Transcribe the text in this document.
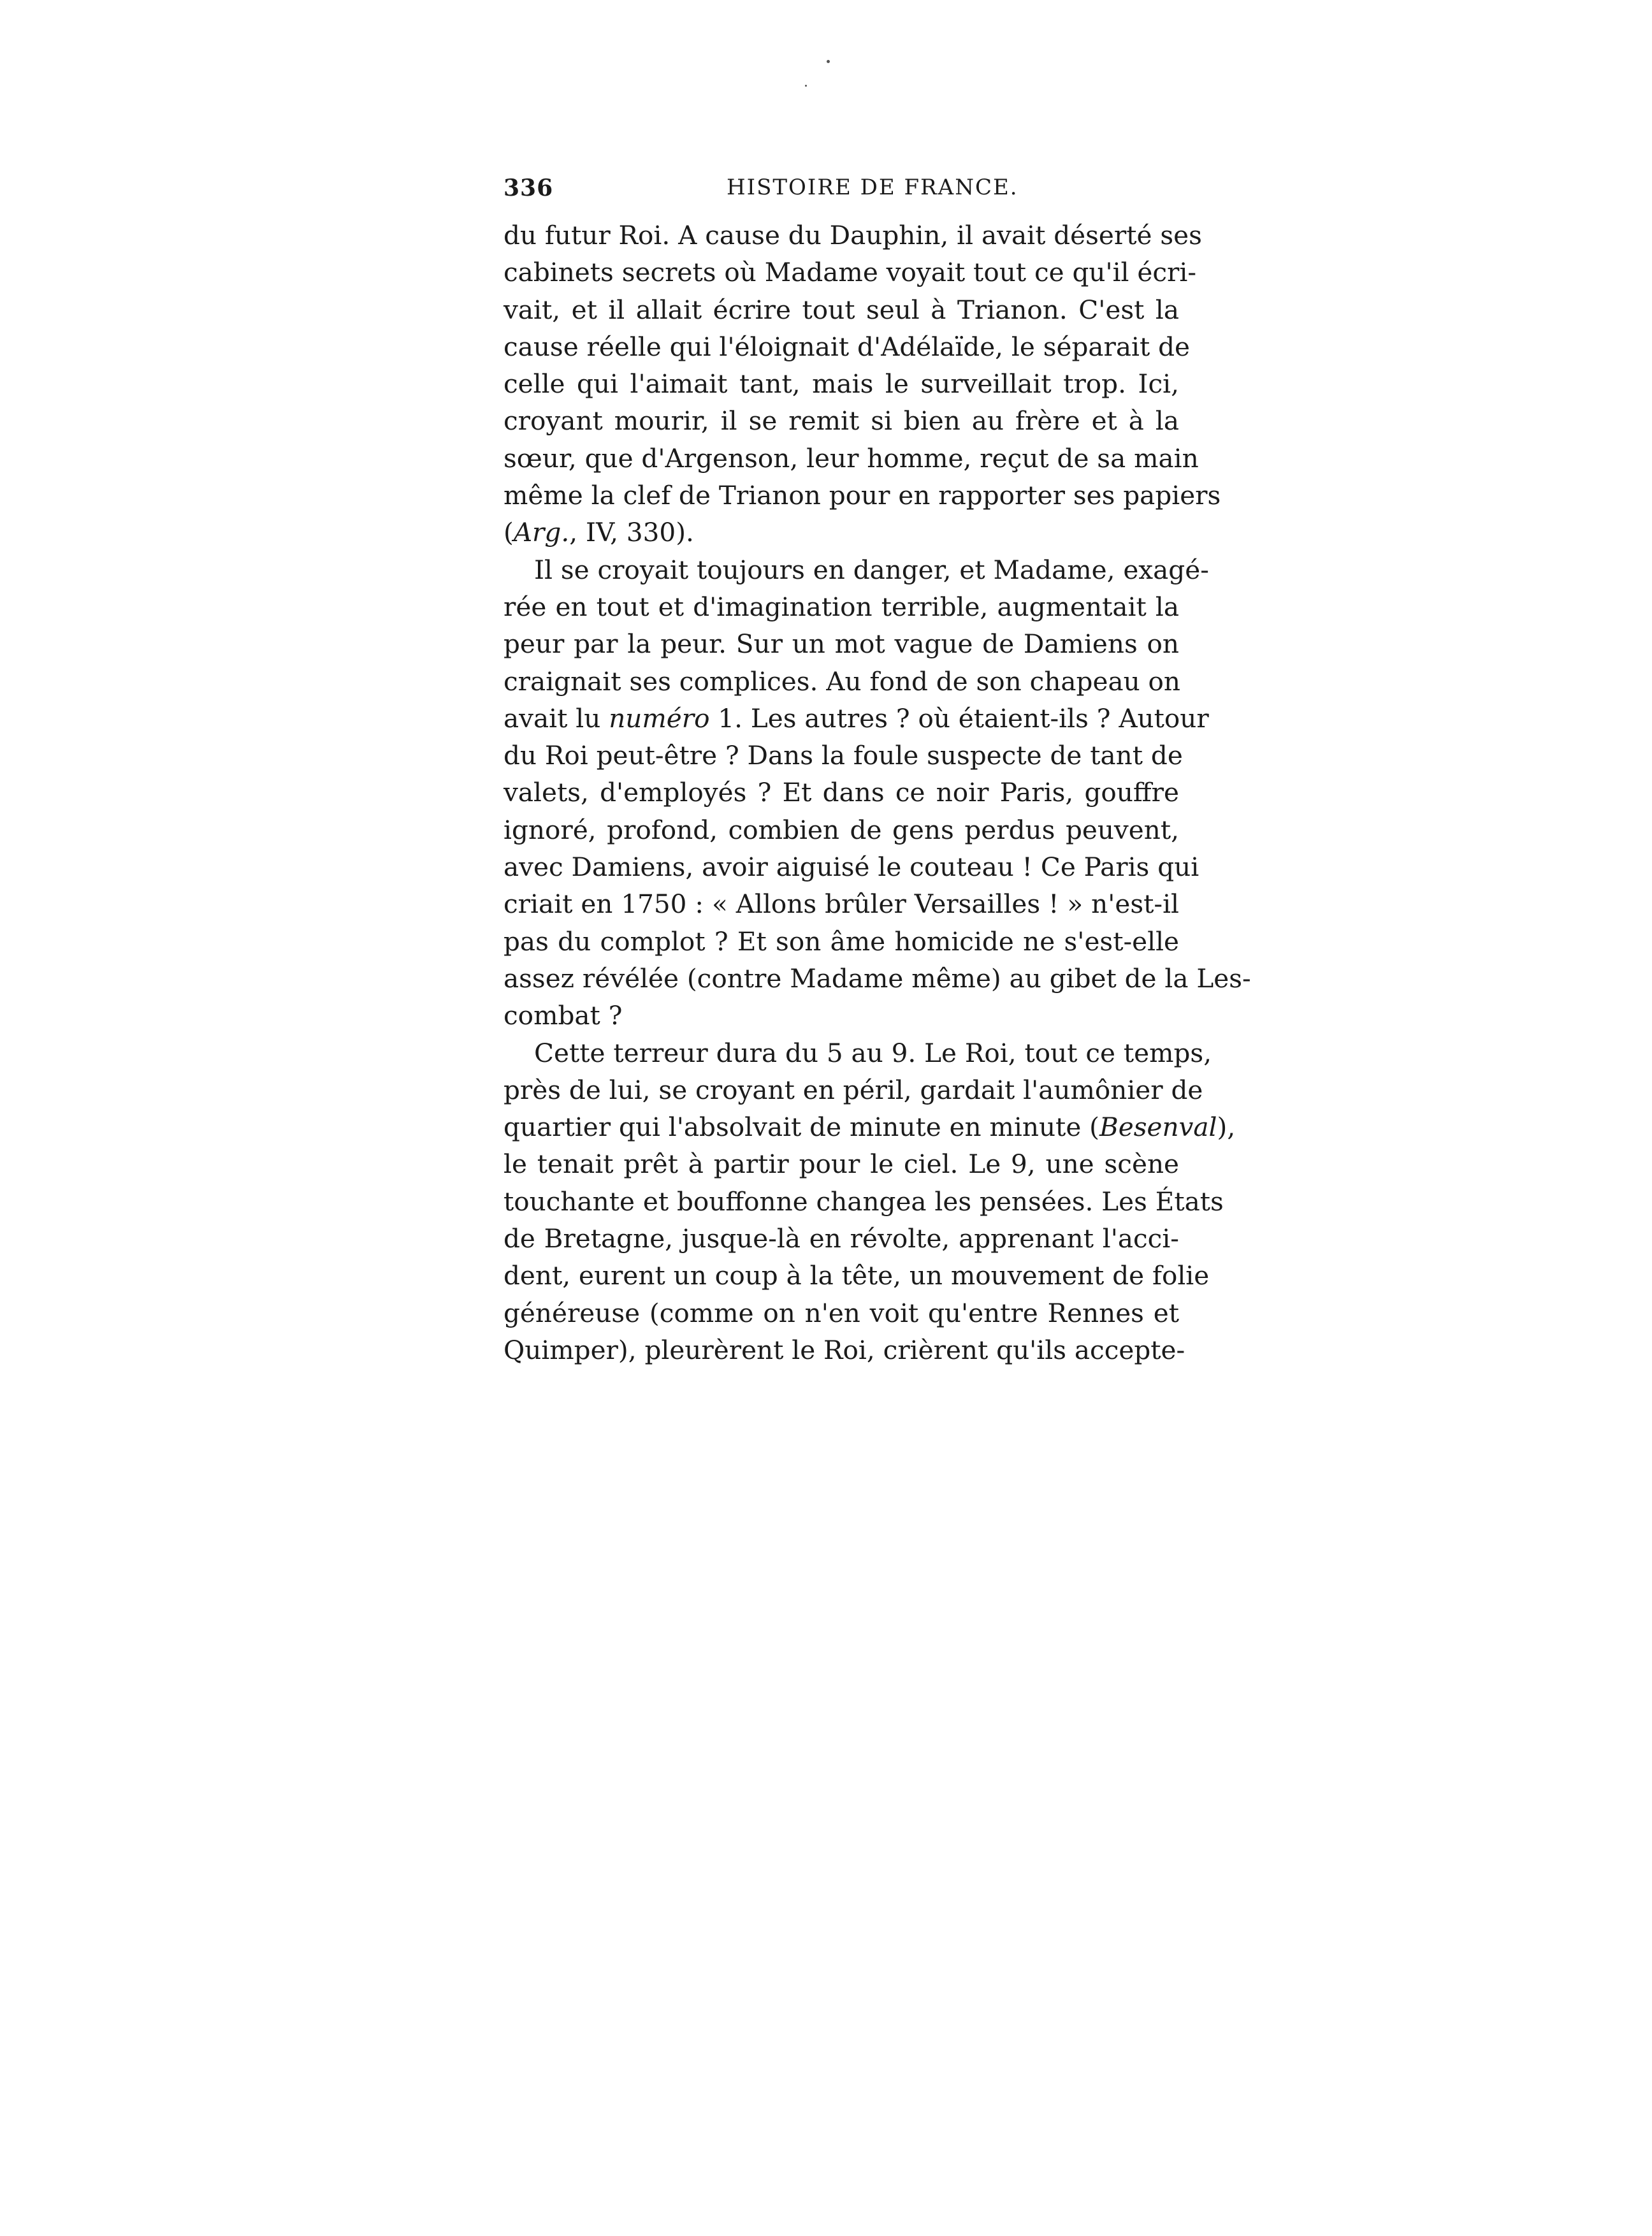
336	HISTOIRE DE FRANCE.
du futur Roi. A cause du Dauphin, il avait déserté ses
cabinets secrets où Madame voyait tout ce qu'il écri-
vait, et il allait écrire tout seul à Trianon. C'est la
cause réelle qui l'éloignait d'Adélaïde, le séparait de
celle qui l'aimait tant, mais le surveillait trop. Ici,
croyant mourir, il se remit si bien au frère et à la
sœur, que d'Argenson, leur homme, reçut de sa main
même la clef de Trianon pour en rapporter ses papiers
(Arg., IV, 330).
Il se croyait toujours en danger, et Madame, exagé-
rée en tout et d'imagination terrible, augmentait la
peur par la peur. Sur un mot vague de Damiens on
craignait ses complices. Au fond de son chapeau on
avait lu numéro 1. Les autres ? où étaient-ils ? Autour
du Roi peut-être ? Dans la foule suspecte de tant de
valets, d'employés ? Et dans ce noir Paris, gouffre
ignoré, profond, combien de gens perdus peuvent,
avec Damiens, avoir aiguisé le couteau ! Ce Paris qui
criait en 1750 : « Allons brûler Versailles ! » n'est-il
pas du complot ? Et son âme homicide ne s'est-elle
assez révélée (contre Madame même) au gibet de la Les-
combat ?
Cette terreur dura du 5 au 9. Le Roi, tout ce temps,
près de lui, se croyant en péril, gardait l'aumônier de
quartier qui l'absolvait de minute en minute (Besenval),
le tenait prêt à partir pour le ciel. Le 9, une scène
touchante et bouffonne changea les pensées. Les États
de Bretagne, jusque-là en révolte, apprenant l'acci-
dent, eurent un coup à la tête, un mouvement de folie
généreuse (comme on n'en voit qu'entre Rennes et
Quimper), pleurèrent le Roi, crièrent qu'ils accepte-
